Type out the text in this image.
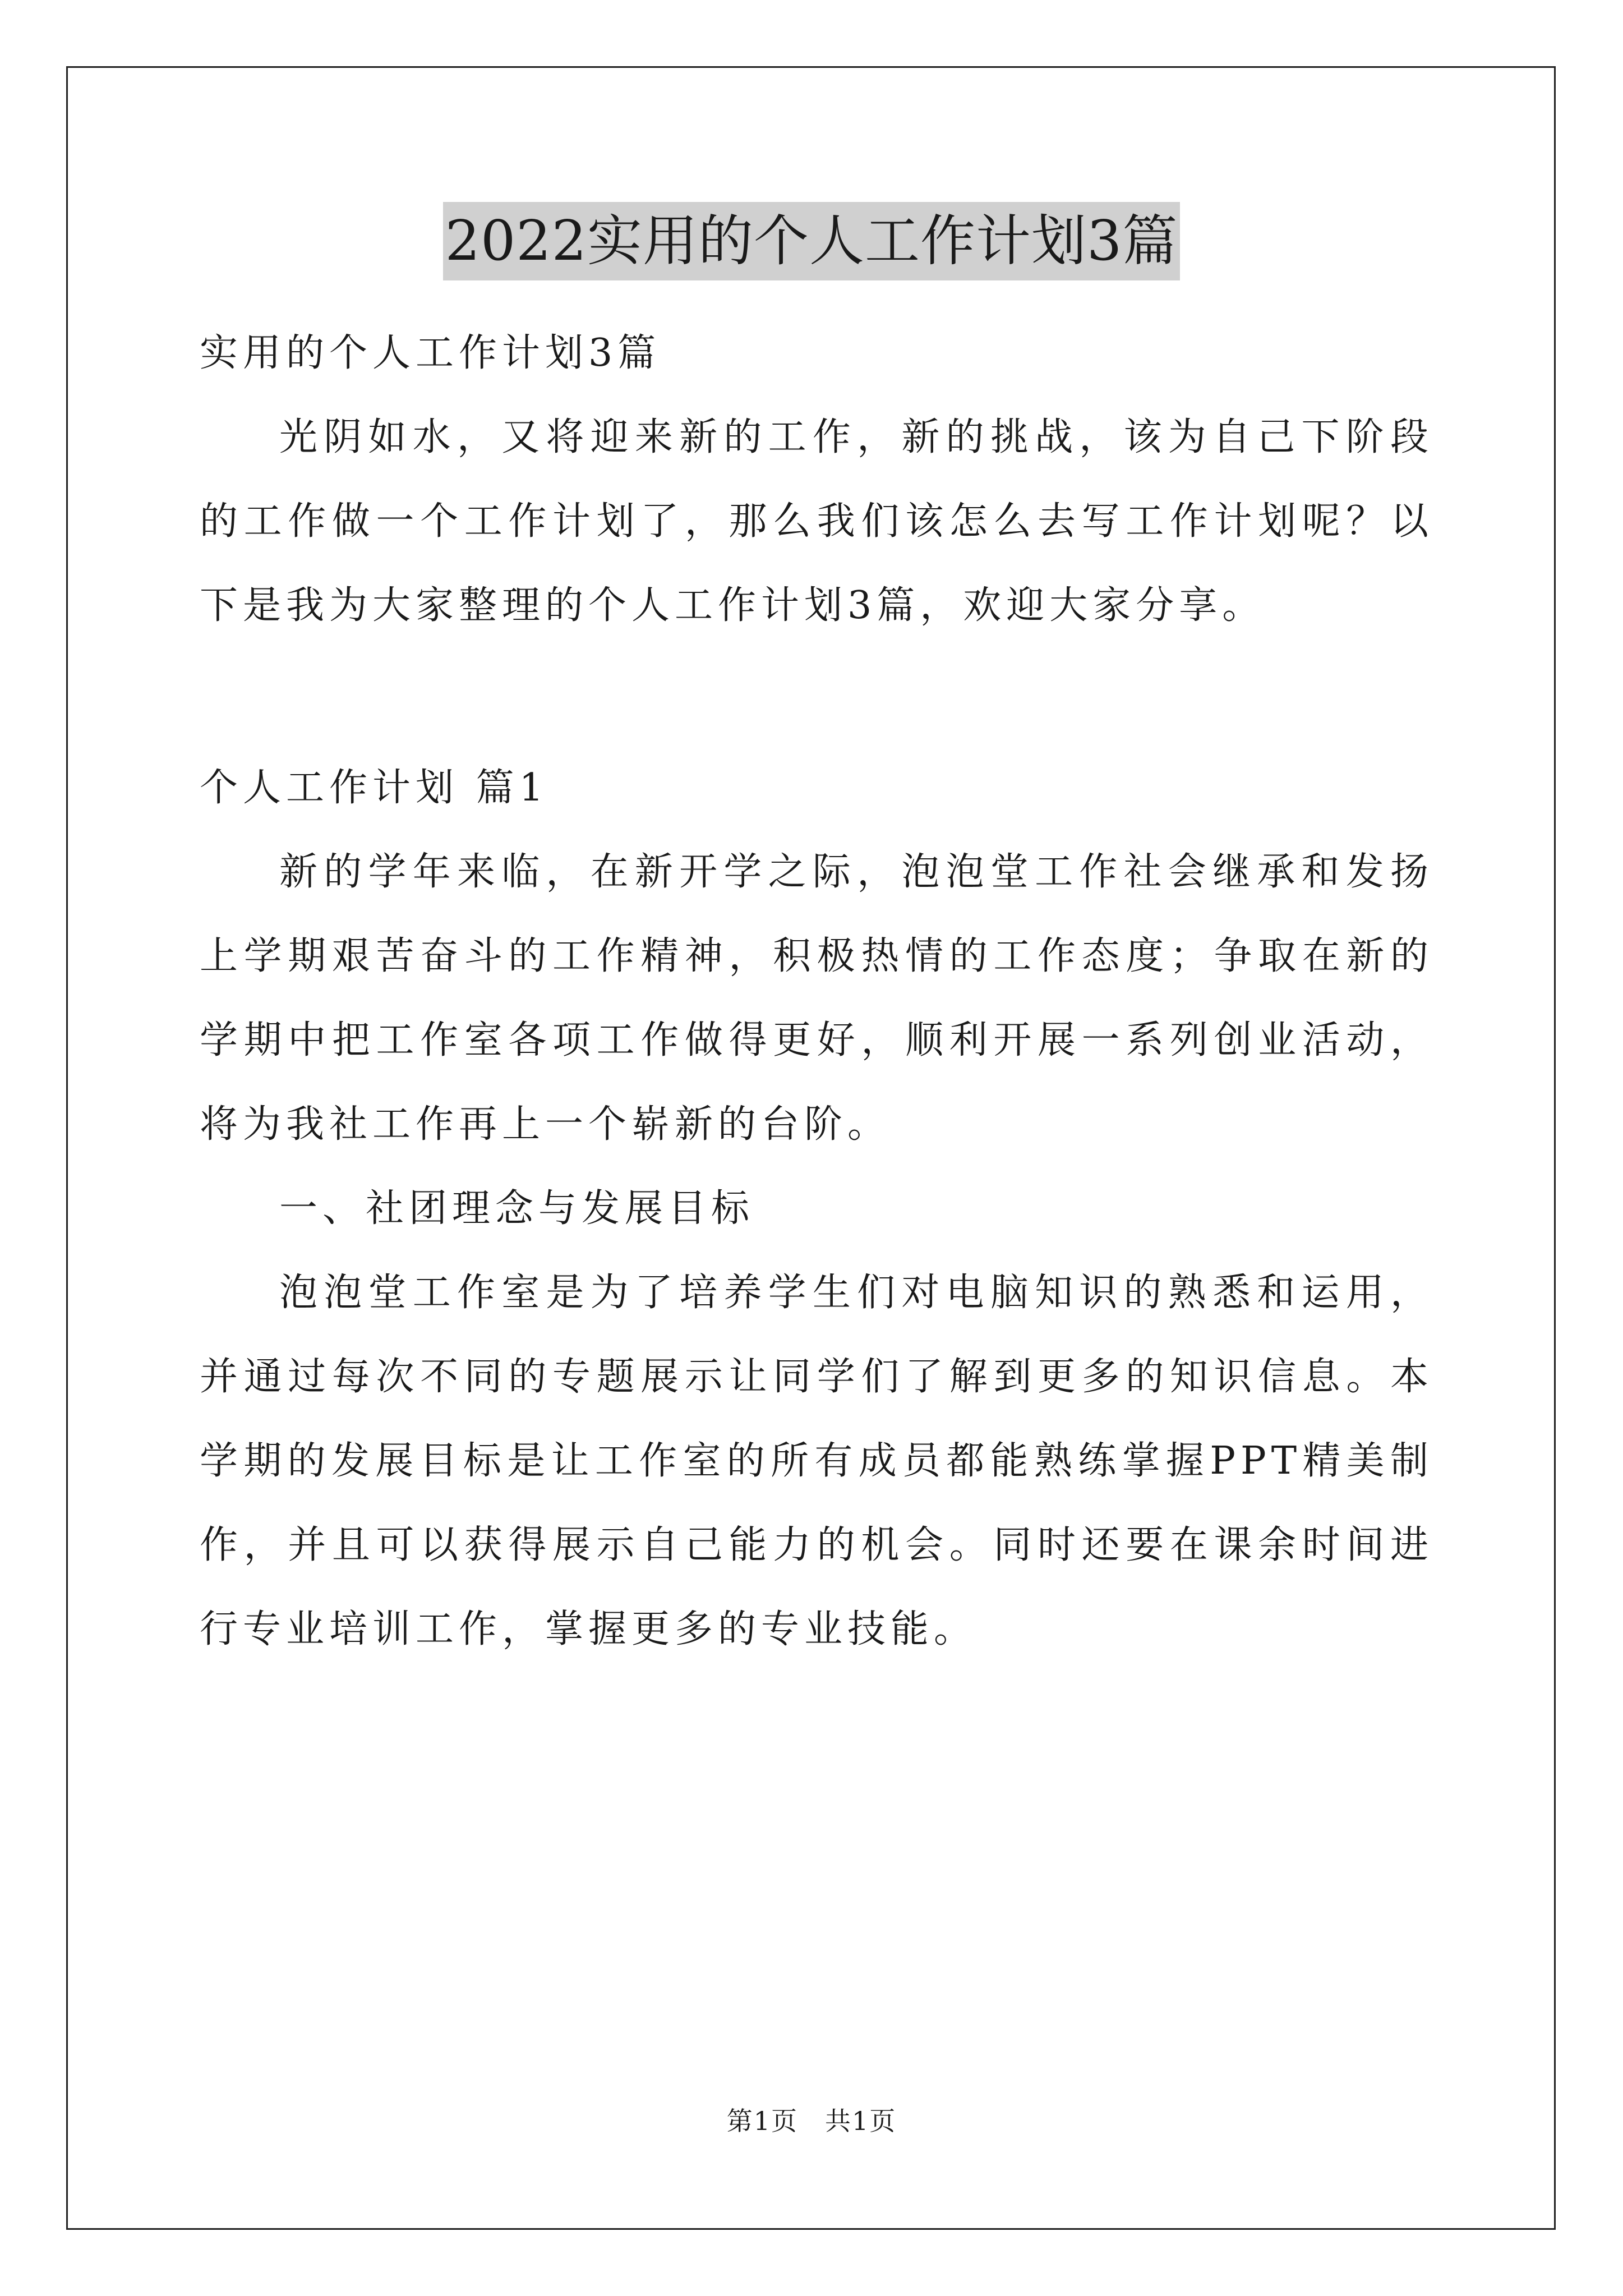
2022实用的个人工作计划3篇

实用的个人工作计划3篇

光阴如水，又将迎来新的工作，新的挑战，该为自己下阶段的工作做一个工作计划了，那么我们该怎么去写工作计划呢？以下是我为大家整理的个人工作计划3篇，欢迎大家分享。

个人工作计划 篇1

新的学年来临，在新开学之际，泡泡堂工作社会继承和发扬上学期艰苦奋斗的工作精神，积极热情的工作态度；争取在新的学期中把工作室各项工作做得更好，顺利开展一系列创业活动，将为我社工作再上一个崭新的台阶。

一、社团理念与发展目标

泡泡堂工作室是为了培养学生们对电脑知识的熟悉和运用，并通过每次不同的专题展示让同学们了解到更多的知识信息。本学期的发展目标是让工作室的所有成员都能熟练掌握PPT精美制作，并且可以获得展示自己能力的机会。同时还要在课余时间进行专业培训工作，掌握更多的专业技能。

第1页　共1页
